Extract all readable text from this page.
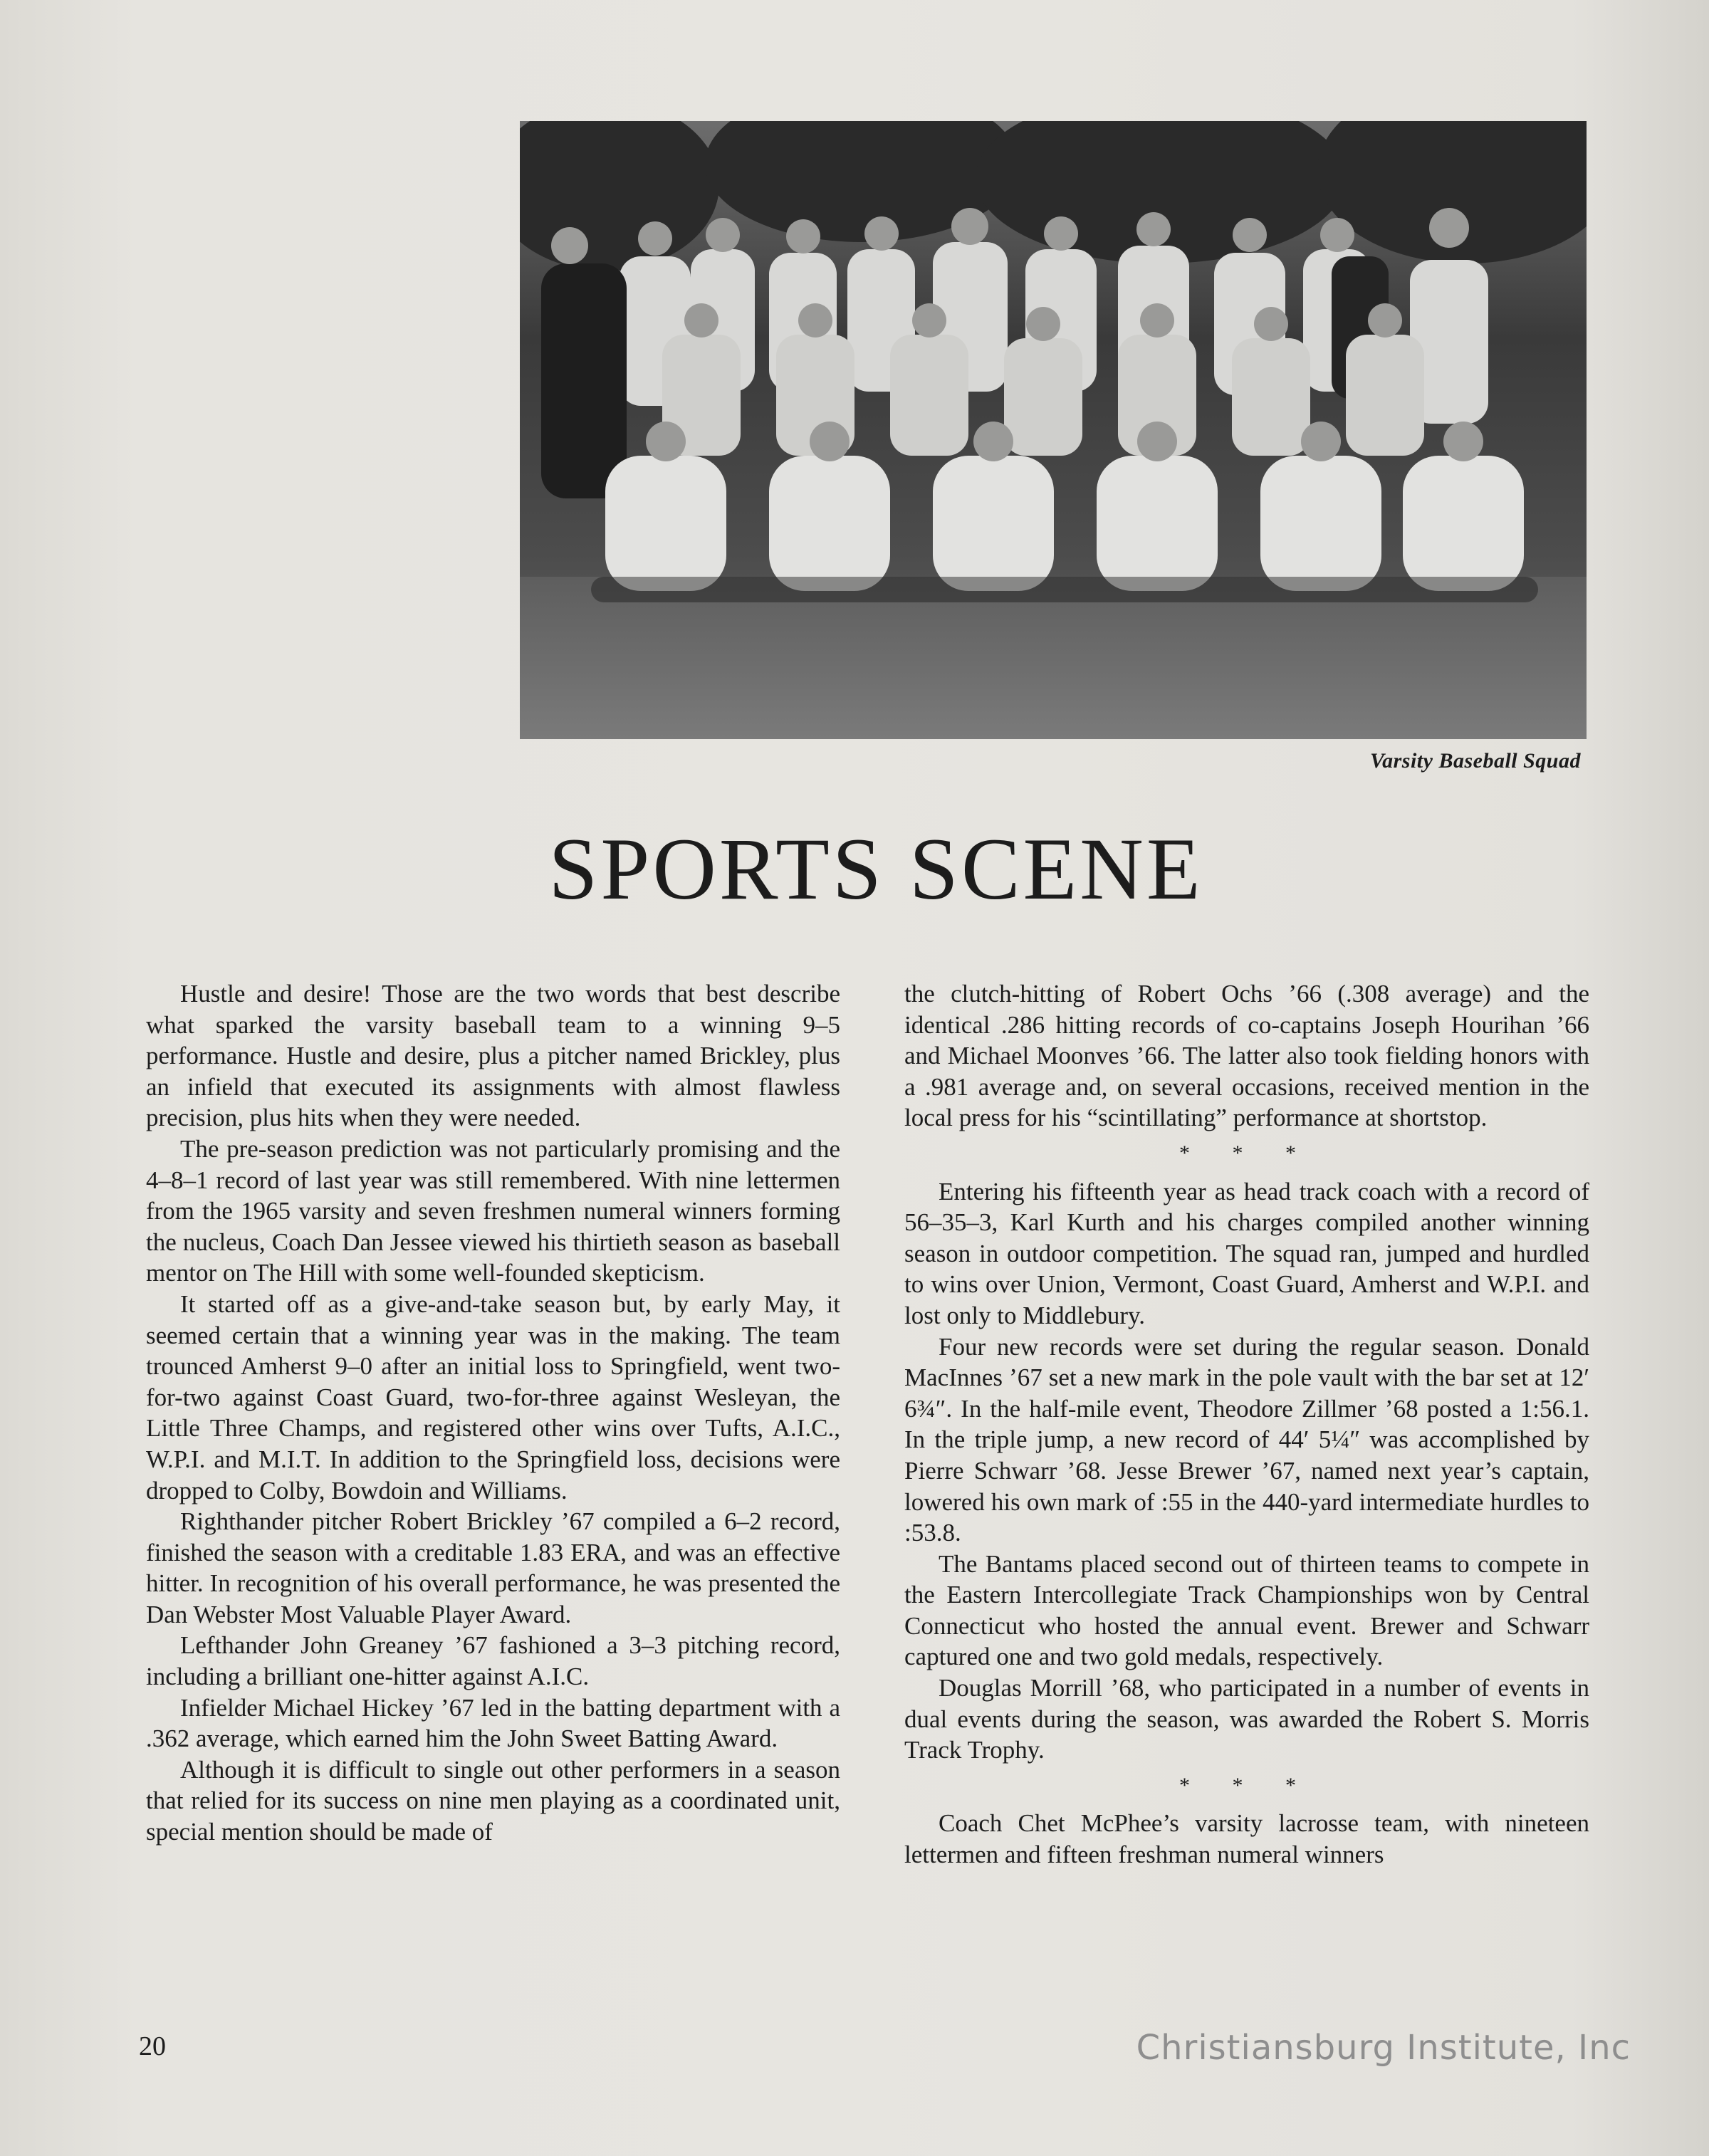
Varsity Baseball Squad
SPORTS SCENE

Hustle and desire! Those are the two words that best describe what sparked the varsity baseball team to a winning 9–5 performance. Hustle and desire, plus a pitcher named Brickley, plus an infield that executed its assignments with almost flawless precision, plus hits when they were needed.

The pre-season prediction was not particularly promising and the 4–8–1 record of last year was still remembered. With nine lettermen from the 1965 varsity and seven freshmen numeral winners forming the nucleus, Coach Dan Jessee viewed his thirtieth season as baseball mentor on The Hill with some well-founded skepticism.

It started off as a give-and-take season but, by early May, it seemed certain that a winning year was in the making. The team trounced Amherst 9–0 after an initial loss to Springfield, went two-for-two against Coast Guard, two-for-three against Wesleyan, the Little Three Champs, and registered other wins over Tufts, A.I.C., W.P.I. and M.I.T. In addition to the Springfield loss, decisions were dropped to Colby, Bowdoin and Williams.

Righthander pitcher Robert Brickley ’67 compiled a 6–2 record, finished the season with a creditable 1.83 ERA, and was an effective hitter. In recognition of his overall performance, he was presented the Dan Webster Most Valuable Player Award.

Lefthander John Greaney ’67 fashioned a 3–3 pitching record, including a brilliant one-hitter against A.I.C.

Infielder Michael Hickey ’67 led in the batting department with a .362 average, which earned him the John Sweet Batting Award.

Although it is difficult to single out other performers in a season that relied for its success on nine men playing as a coordinated unit, special mention should be made of

the clutch-hitting of Robert Ochs ’66 (.308 average) and the identical .286 hitting records of co-captains Joseph Hourihan ’66 and Michael Moonves ’66. The latter also took fielding honors with a .981 average and, on several occasions, received mention in the local press for his “scintillating” performance at shortstop.

* * *

Entering his fifteenth year as head track coach with a record of 56–35–3, Karl Kurth and his charges compiled another winning season in outdoor competition. The squad ran, jumped and hurdled to wins over Union, Vermont, Coast Guard, Amherst and W.P.I. and lost only to Middlebury.

Four new records were set during the regular season. Donald MacInnes ’67 set a new mark in the pole vault with the bar set at 12′ 6¾″. In the half-mile event, Theodore Zillmer ’68 posted a 1:56.1. In the triple jump, a new record of 44′ 5¼″ was accomplished by Pierre Schwarr ’68. Jesse Brewer ’67, named next year’s captain, lowered his own mark of :55 in the 440-yard intermediate hurdles to :53.8.

The Bantams placed second out of thirteen teams to compete in the Eastern Intercollegiate Track Championships won by Central Connecticut who hosted the annual event. Brewer and Schwarr captured one and two gold medals, respectively.

Douglas Morrill ’68, who participated in a number of events in dual events during the season, was awarded the Robert S. Morris Track Trophy.

* * *

Coach Chet McPhee’s varsity lacrosse team, with nineteen lettermen and fifteen freshman numeral winners

20	Christiansburg Institute, Inc
